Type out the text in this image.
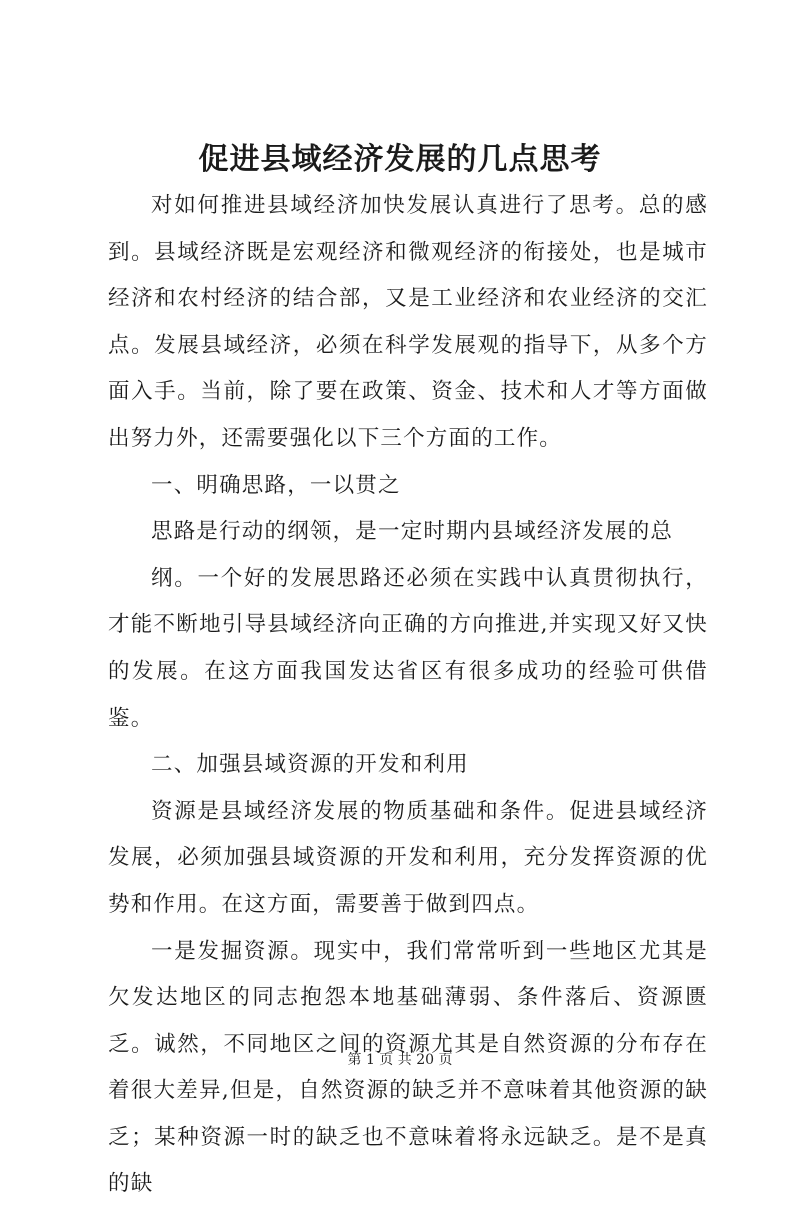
促进县域经济发展的几点思考

对如何推进县域经济加快发展认真进行了思考。总的感到。县域经济既是宏观经济和微观经济的衔接处，也是城市经济和农村经济的结合部，又是工业经济和农业经济的交汇点。发展县域经济，必须在科学发展观的指导下，从多个方面入手。当前，除了要在政策、资金、技术和人才等方面做出努力外，还需要强化以下三个方面的工作。

一、明确思路，一以贯之

思路是行动的纲领，是一定时期内县域经济发展的总

纲。一个好的发展思路还必须在实践中认真贯彻执行，才能不断地引导县域经济向正确的方向推进,并实现又好又快的发展。在这方面我国发达省区有很多成功的经验可供借鉴。

二、加强县域资源的开发和利用

资源是县域经济发展的物质基础和条件。促进县域经济发展，必须加强县域资源的开发和利用，充分发挥资源的优势和作用。在这方面，需要善于做到四点。

一是发掘资源。现实中，我们常常听到一些地区尤其是欠发达地区的同志抱怨本地基础薄弱、条件落后、资源匮乏。诚然，不同地区之间的资源尤其是自然资源的分布存在着很大差异,但是，自然资源的缺乏并不意味着其他资源的缺乏；某种资源一时的缺乏也不意味着将永远缺乏。是不是真的缺

第 1 页 共 20 页
